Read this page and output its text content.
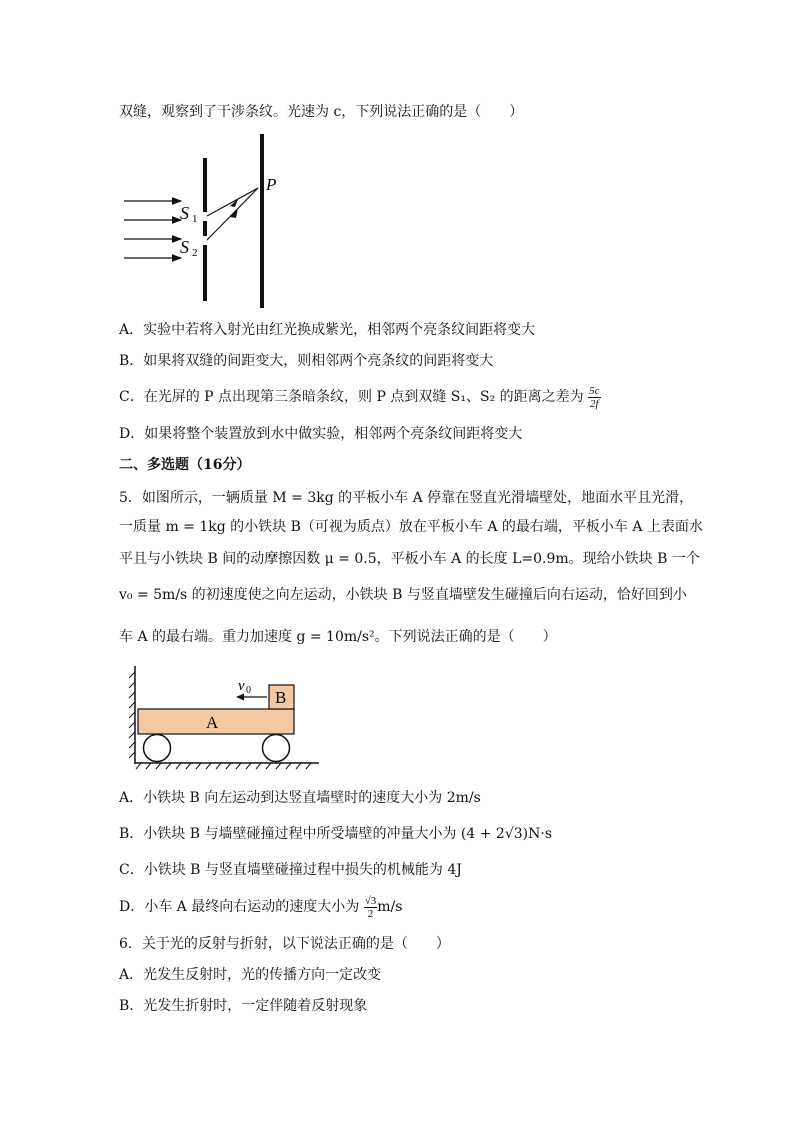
双缝，观察到了干涉条纹。光速为 c，下列说法正确的是（　　）
P
S 1
S 2
A．实验中若将入射光由红光换成紫光，相邻两个亮条纹间距将变大
B．如果将双缝的间距变大，则相邻两个亮条纹的间距将变大
C．在光屏的 P 点出现第三条暗条纹，则 P 点到双缝 S₁、S₂ 的距离之差为 $\frac{5c}{2f}$
D．如果将整个装置放到水中做实验，相邻两个亮条纹间距将变大
二、多选题（16分）
5．如图所示，一辆质量 M = 3kg 的平板小车 A 停靠在竖直光滑墙壁处，地面水平且光滑，
一质量 m = 1kg 的小铁块 B（可视为质点）放在平板小车 A 的最右端，平板小车 A 上表面水
平且与小铁块 B 间的动摩擦因数 μ = 0.5，平板小车 A 的长度 L=0.9m。现给小铁块 B 一个
v₀ = 5m/s 的初速度使之向左运动，小铁块 B 与竖直墙壁发生碰撞后向右运动，恰好回到小
车 A 的最右端。重力加速度 g = 10m/s²。下列说法正确的是（　　）
A
B
v 0
A．小铁块 B 向左运动到达竖直墙壁时的速度大小为 2m/s
B．小铁块 B 与墙壁碰撞过程中所受墙壁的冲量大小为 (4 + 2√3)N·s
C．小铁块 B 与竖直墙壁碰撞过程中损失的机械能为 4J
D．小车 A 最终向右运动的速度大小为 $\frac{√3}{2} m/s$
6．关于光的反射与折射，以下说法正确的是（　　）
A．光发生反射时，光的传播方向一定改变
B．光发生折射时，一定伴随着反射现象
